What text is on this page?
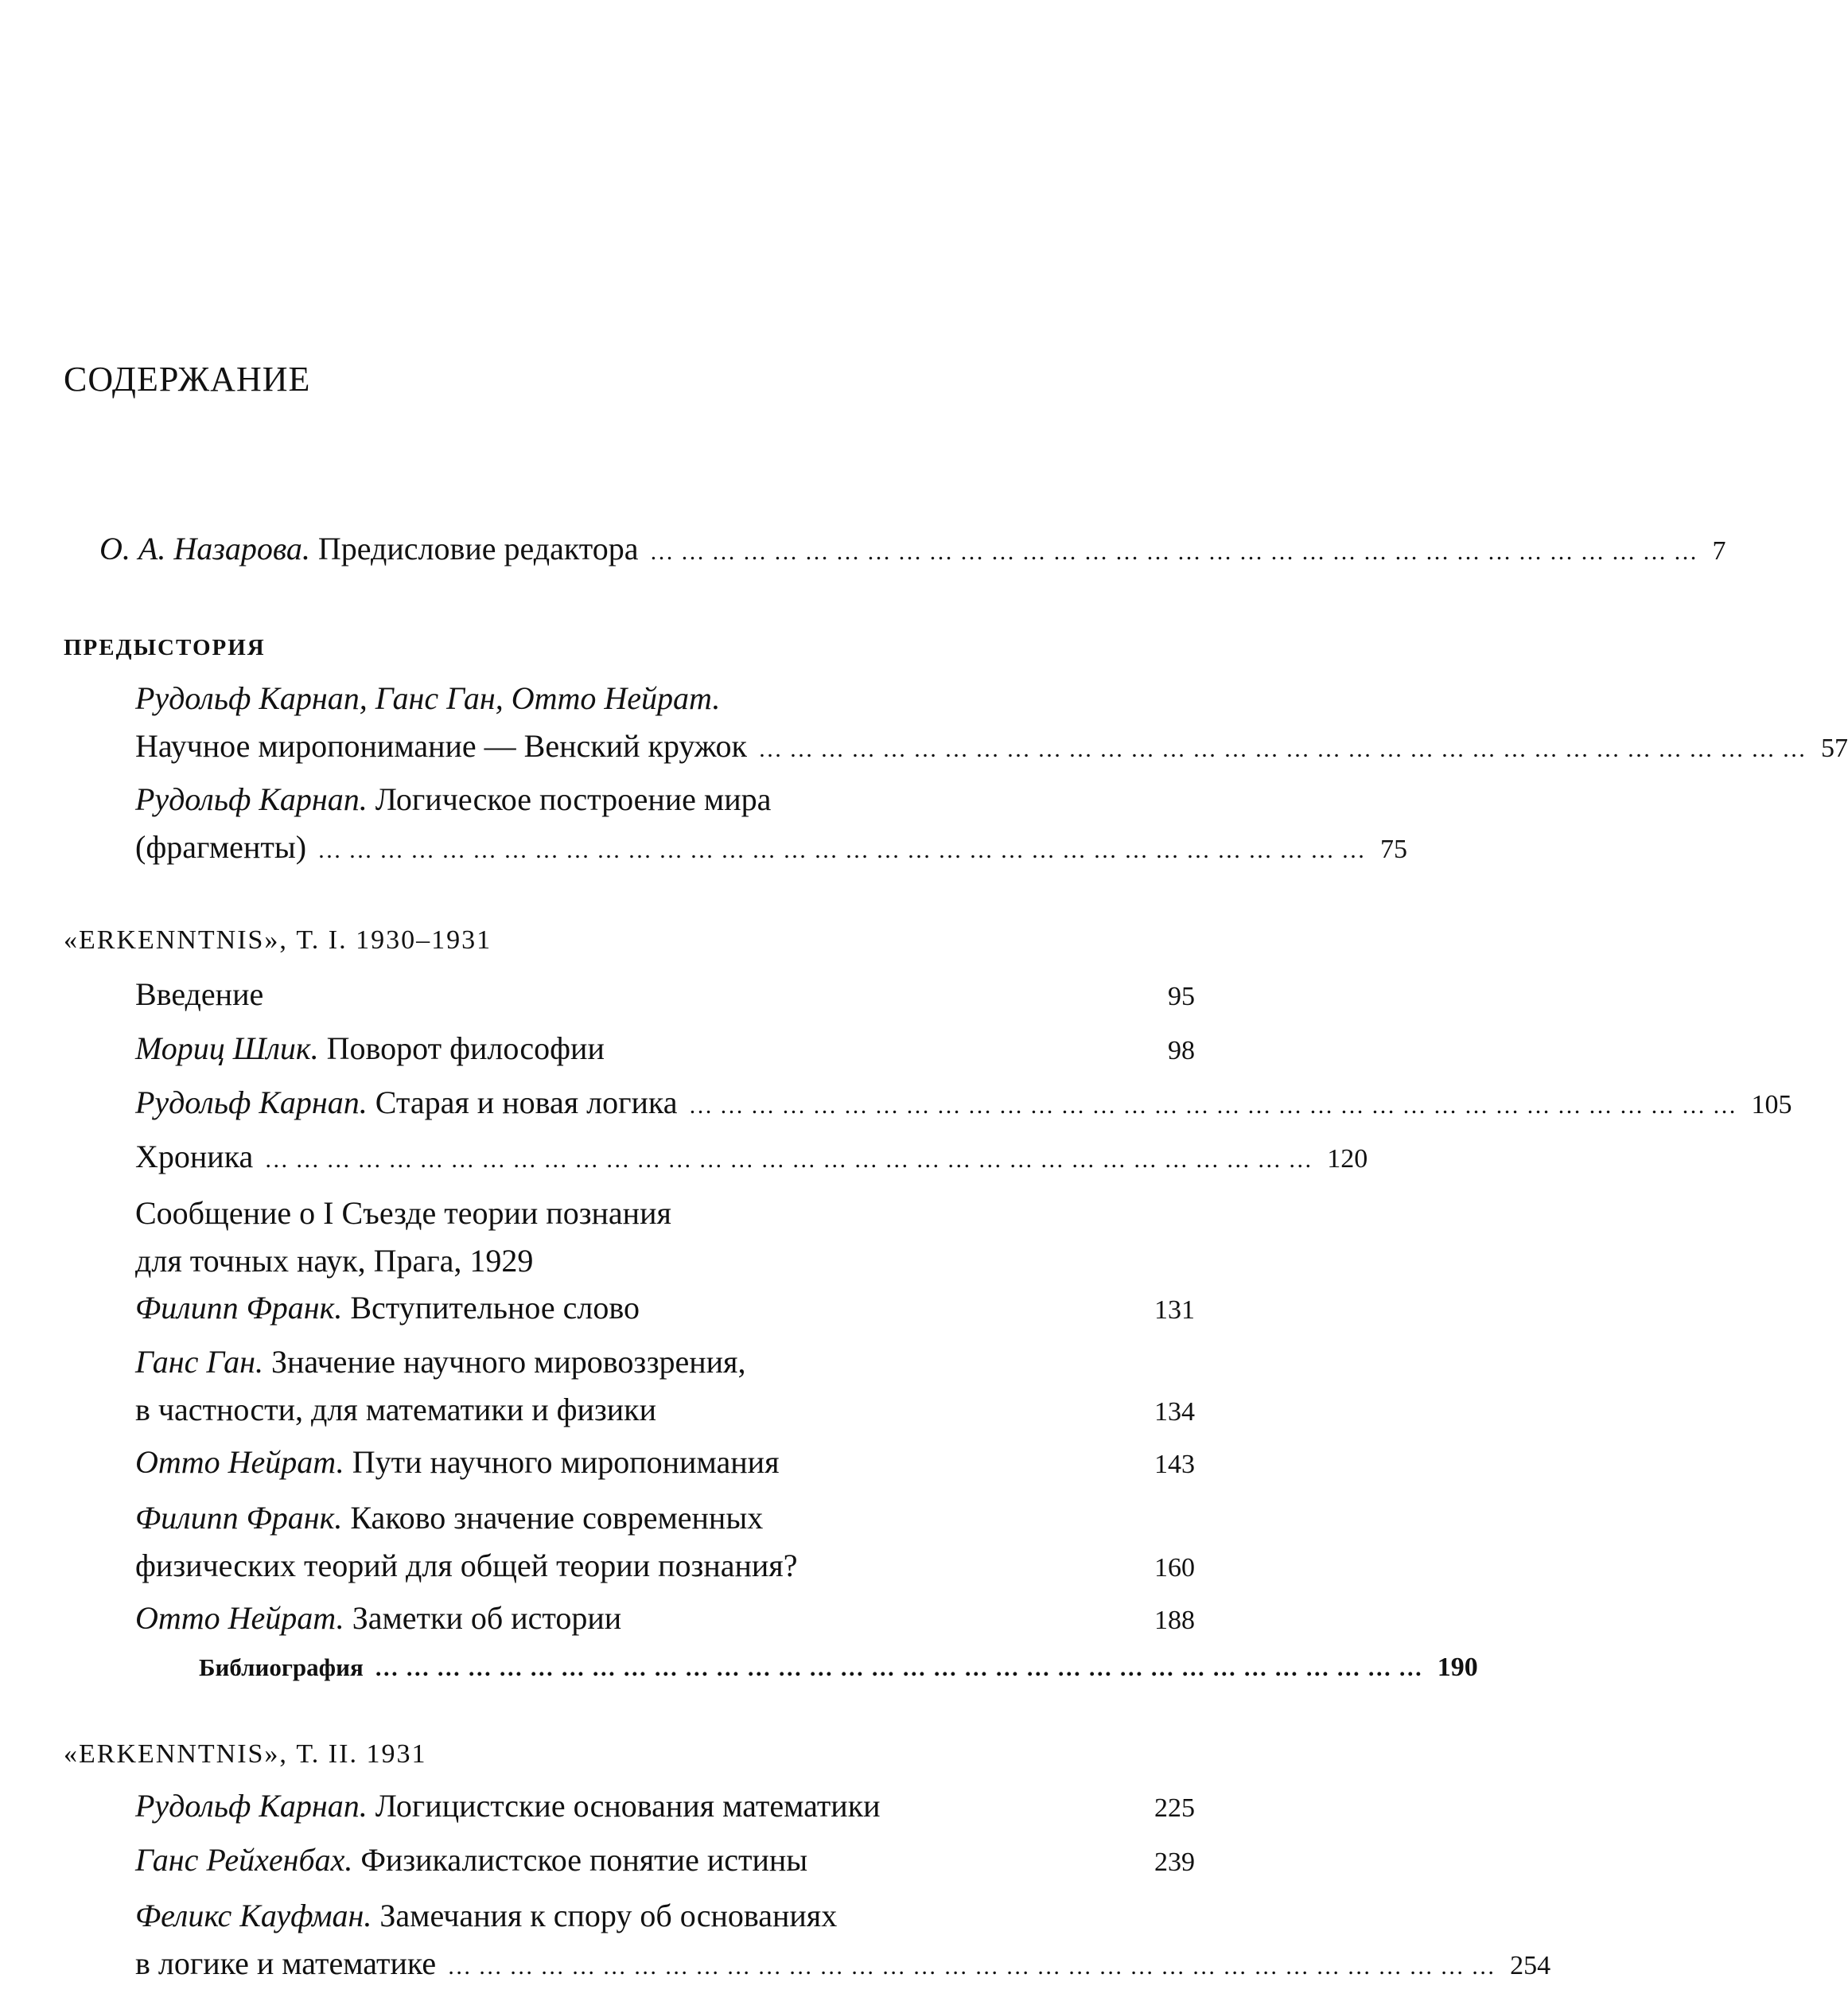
СОДЕРЖАНИЕ
О. А. Назарова. Предисловие редактора ………………………………………………………………………………………… 7
ПРЕДЫСТОРИЯ
Рудольф Карнап, Ганс Ган, Отто Нейрат.
Научное миропонимание — Венский кружок ………………………………………………………………………………………… 57
Рудольф Карнап. Логическое построение мира
(фрагменты) ………………………………………………………………………………………… 75
«ERKENNTNIS», Т. I. 1930–1931
Введение	95
Мориц Шлик. Поворот философии	98
Рудольф Карнап. Старая и новая логика ………………………………………………………………………………………… 105
Хроника ………………………………………………………………………………………… 120
Сообщение о I Съезде теории познания
для точных наук, Прага, 1929
Филипп Франк. Вступительное слово	131
Ганс Ган. Значение научного мировоззрения,
в частности, для математики и физики	134
Отто Нейрат. Пути научного миропонимания	143
Филипп Франк. Каково значение современных
физических теорий для общей теории познания?	160
Отто Нейрат. Заметки об истории	188
Библиография ………………………………………………………………………………………… 190
«ERKENNTNIS», Т. II. 1931
Рудольф Карнап. Логицистские основания математики	225
Ганс Рейхенбах. Физикалистское понятие истины	239
Феликс Кауфман. Замечания к спору об основаниях
в логике и математике ………………………………………………………………………………………… 254
